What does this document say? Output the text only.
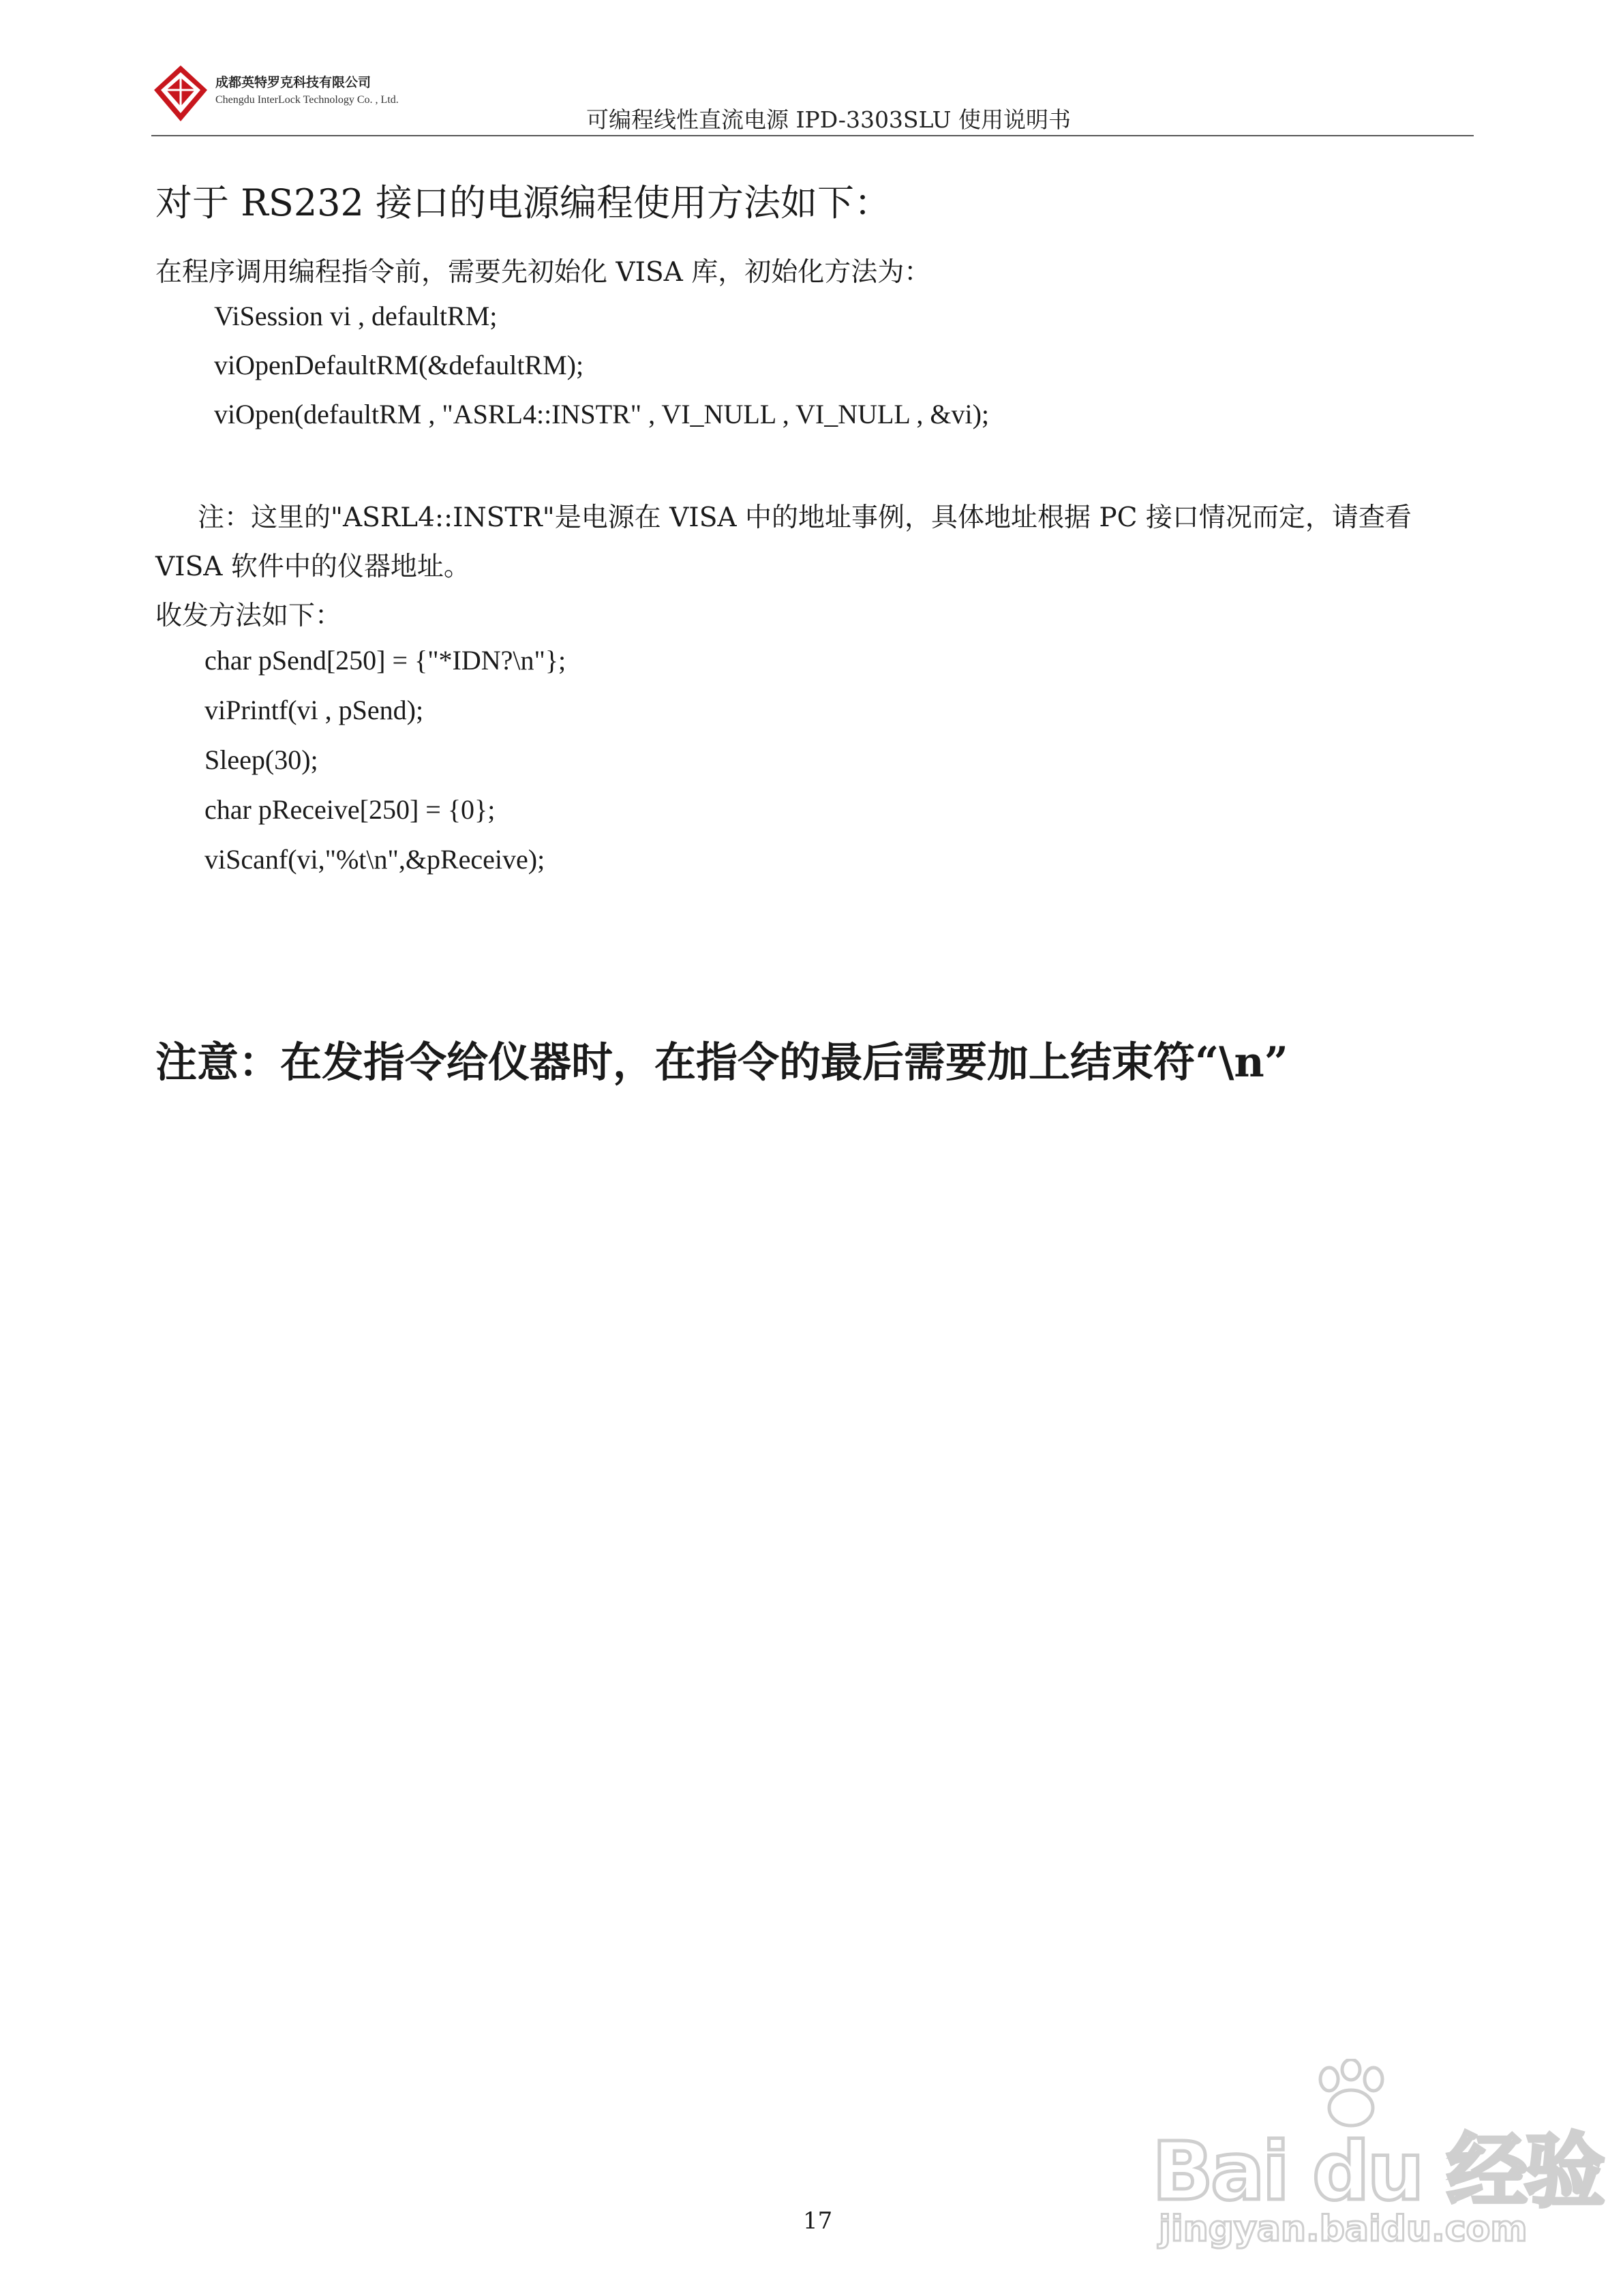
成都英特罗克科技有限公司
Chengdu InterLock Technology Co. , Ltd.
可编程线性直流电源 IPD-3303SLU 使用说明书
对于 RS232 接口的电源编程使用方法如下：
在程序调用编程指令前，需要先初始化 VISA 库，初始化方法为：
ViSession vi , defaultRM;
viOpenDefaultRM(&defaultRM);
viOpen(defaultRM , "ASRL4::INSTR" , VI_NULL , VI_NULL , &vi);
注：这里的"ASRL4::INSTR"是电源在 VISA 中的地址事例，具体地址根据 PC 接口情况而定，请查看
VISA 软件中的仪器地址。
收发方法如下：
char pSend[250] = {"*IDN?\n"};
viPrintf(vi , pSend);
Sleep(30);
char pReceive[250] = {0};
viScanf(vi,"%t\n",&pReceive);
注意：在发指令给仪器时，在指令的最后需要加上结束符“\n”
17
Bai du 经验
jingyan.baidu.com
